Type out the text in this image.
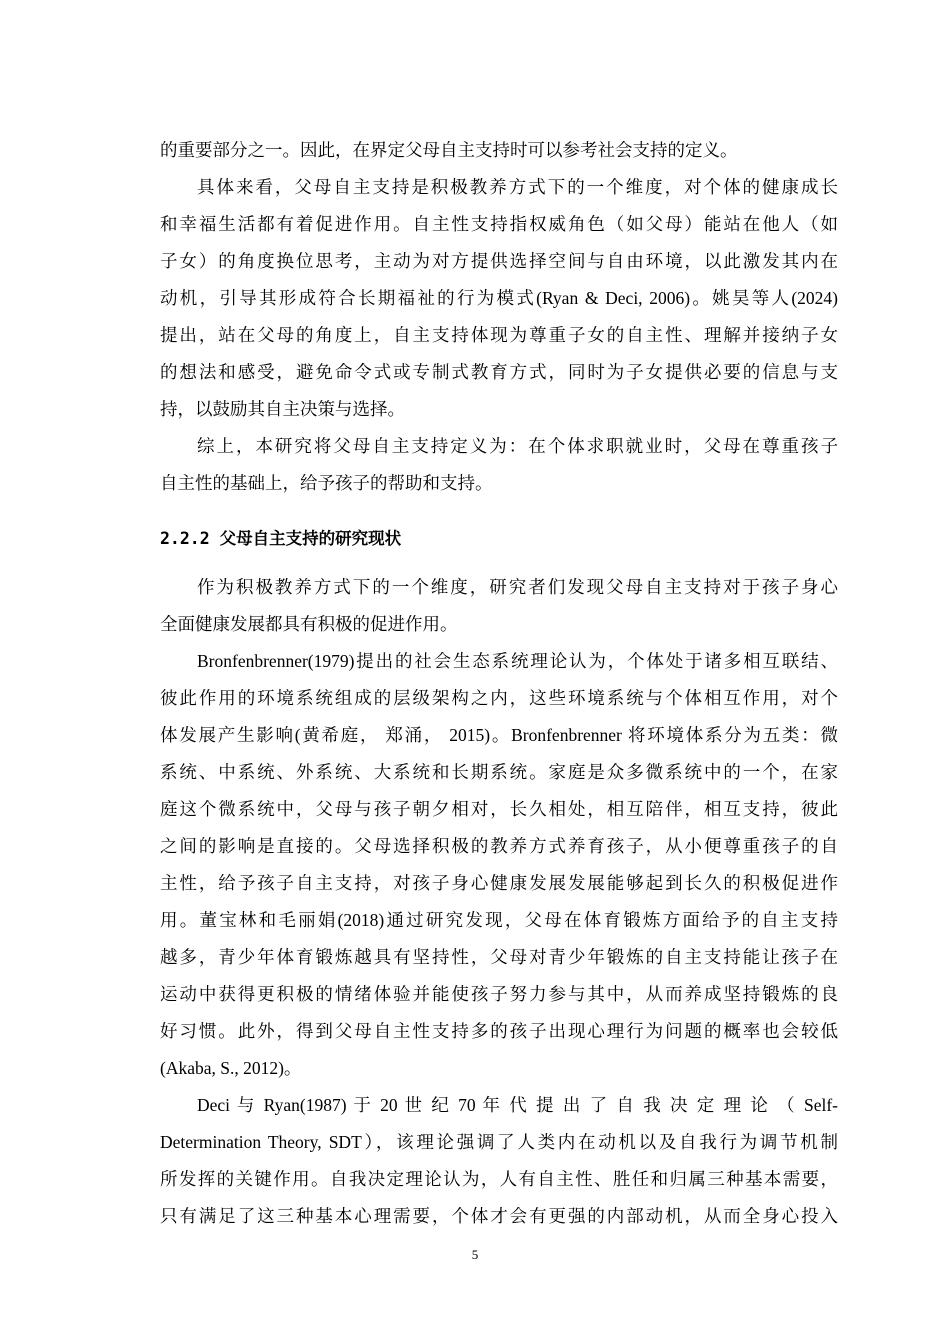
的重要部分之一。因此，在界定父母自主支持时可以参考社会支持的定义。
具体来看，父母自主支持是积极教养方式下的一个维度，对个体的健康成长
和幸福生活都有着促进作用。自主性支持指权威角色（如父母）能站在他人（如
子女）的角度换位思考，主动为对方提供选择空间与自由环境，以此激发其内在
动机，引导其形成符合长期福祉的行为模式(Ryan & Deci, 2006)。姚昊等人(2024)
提出，站在父母的角度上，自主支持体现为尊重子女的自主性、理解并接纳子女
的想法和感受，避免命令式或专制式教育方式，同时为子女提供必要的信息与支
持，以鼓励其自主决策与选择。
综上，本研究将父母自主支持定义为：在个体求职就业时，父母在尊重孩子
自主性的基础上，给予孩子的帮助和支持。
2.2.2 父母自主支持的研究现状
作为积极教养方式下的一个维度，研究者们发现父母自主支持对于孩子身心
全面健康发展都具有积极的促进作用。
Bronfenbrenner(1979)提出的社会生态系统理论认为，个体处于诸多相互联结、
彼此作用的环境系统组成的层级架构之内，这些环境系统与个体相互作用，对个
体发展产生影响(黄希庭， 郑涌， 2015)。Bronfenbrenner 将环境体系分为五类：微
系统、中系统、外系统、大系统和长期系统。家庭是众多微系统中的一个，在家
庭这个微系统中，父母与孩子朝夕相对，长久相处，相互陪伴，相互支持，彼此
之间的影响是直接的。父母选择积极的教养方式养育孩子，从小便尊重孩子的自
主性，给予孩子自主支持，对孩子身心健康发展发展能够起到长久的积极促进作
用。董宝林和毛丽娟(2018)通过研究发现，父母在体育锻炼方面给予的自主支持
越多，青少年体育锻炼越具有坚持性，父母对青少年锻炼的自主支持能让孩子在
运动中获得更积极的情绪体验并能使孩子努力参与其中，从而养成坚持锻炼的良
好习惯。此外，得到父母自主性支持多的孩子出现心理行为问题的概率也会较低
(Akaba, S., 2012)。
Deci 与 Ryan(1987) 于 20 世 纪 70 年 代 提 出 了 自 我 决 定 理 论 （ Self-
Determination Theory, SDT），该理论强调了人类内在动机以及自我行为调节机制
所发挥的关键作用。自我决定理论认为，人有自主性、胜任和归属三种基本需要，
只有满足了这三种基本心理需要，个体才会有更强的内部动机，从而全身心投入
5
